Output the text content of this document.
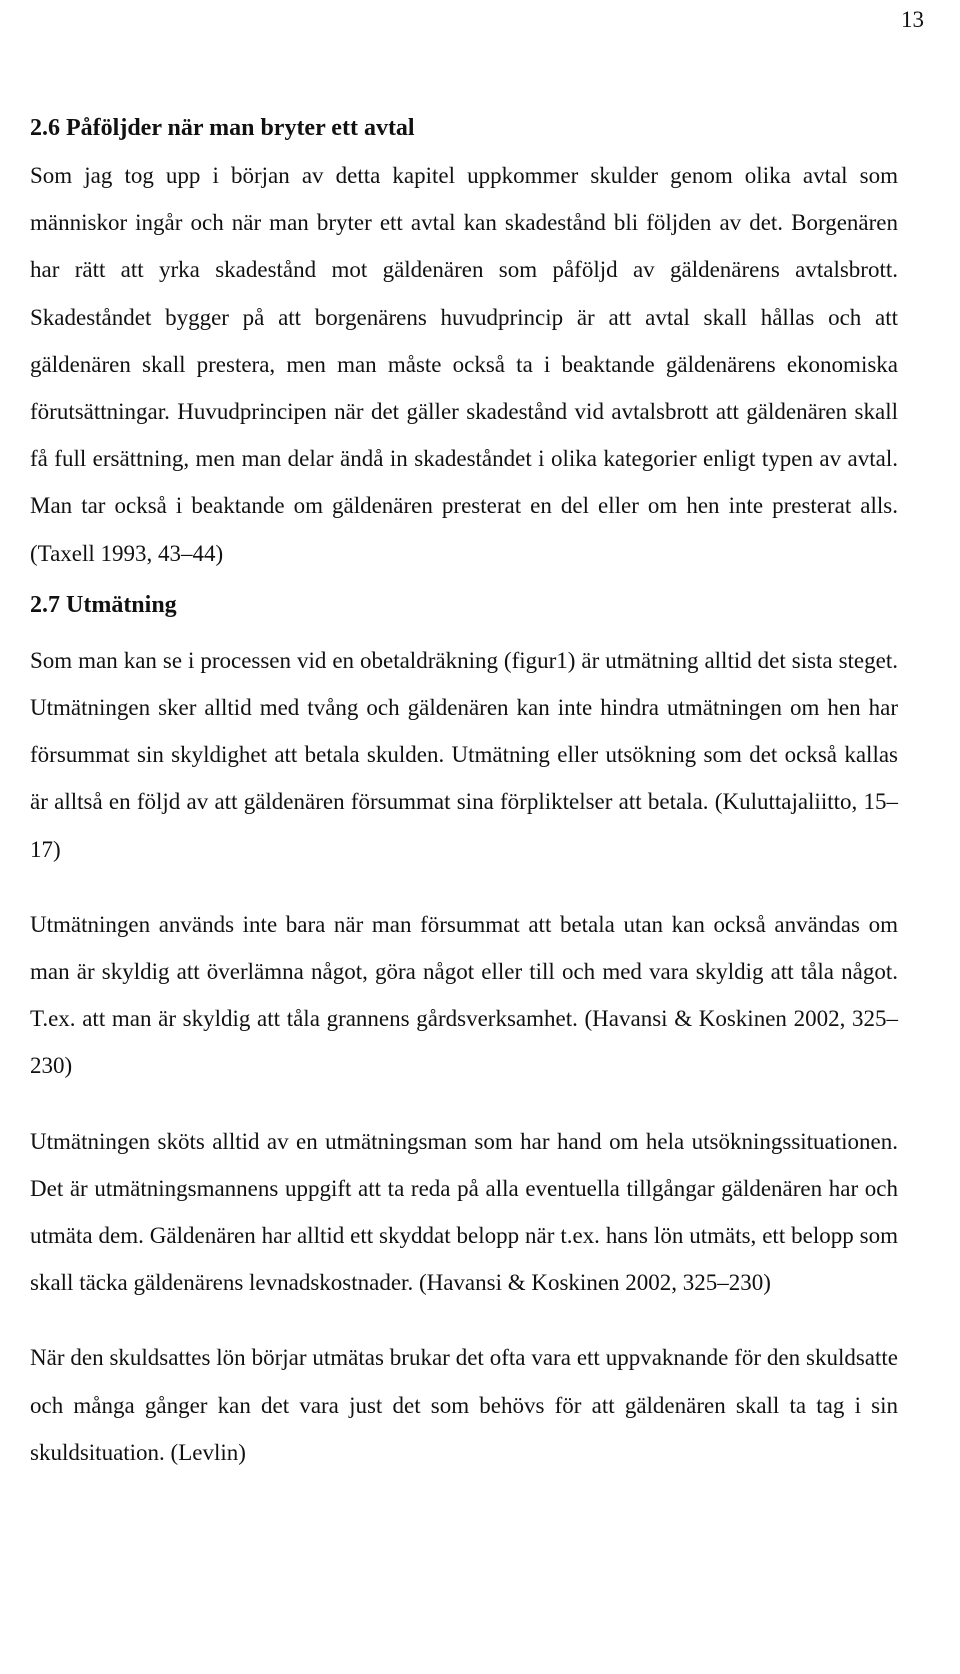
13
2.6 Påföljder när man bryter ett avtal

Som jag tog upp i början av detta kapitel uppkommer skulder genom olika avtal som människor ingår och när man bryter ett avtal kan skadestånd bli följden av det. Borgenären har rätt att yrka skadestånd mot gäldenären som påföljd av gäldenärens avtalsbrott. Skadeståndet bygger på att borgenärens huvudprincip är att avtal skall hållas och att gäldenären skall prestera, men man måste också ta i beaktande gäldenärens ekonomiska förutsättningar. Huvudprincipen när det gäller skadestånd vid avtalsbrott att gäldenären skall få full ersättning, men man delar ändå in skadeståndet i olika kategorier enligt typen av avtal. Man tar också i beaktande om gäldenären presterat en del eller om hen inte presterat alls. (Taxell 1993, 43–44)

2.7 Utmätning

Som man kan se i processen vid en obetaldräkning (figur1) är utmätning alltid det sista steget. Utmätningen sker alltid med tvång och gäldenären kan inte hindra utmätningen om hen har försummat sin skyldighet att betala skulden. Utmätning eller utsökning som det också kallas är alltså en följd av att gäldenären försummat sina förpliktelser att betala. (Kuluttajaliitto, 15–17)

Utmätningen används inte bara när man försummat att betala utan kan också användas om man är skyldig att överlämna något, göra något eller till och med vara skyldig att tåla något. T.ex. att man är skyldig att tåla grannens gårdsverksamhet. (Havansi & Koskinen 2002, 325–230)

Utmätningen sköts alltid av en utmätningsman som har hand om hela utsökningssituationen. Det är utmätningsmannens uppgift att ta reda på alla eventuella tillgångar gäldenären har och utmäta dem. Gäldenären har alltid ett skyddat belopp när t.ex. hans lön utmäts, ett belopp som skall täcka gäldenärens levnadskostnader. (Havansi & Koskinen 2002, 325–230)

När den skuldsattes lön börjar utmätas brukar det ofta vara ett uppvaknande för den skuldsatte och många gånger kan det vara just det som behövs för att gäldenären skall ta tag i sin skuldsituation. (Levlin)
